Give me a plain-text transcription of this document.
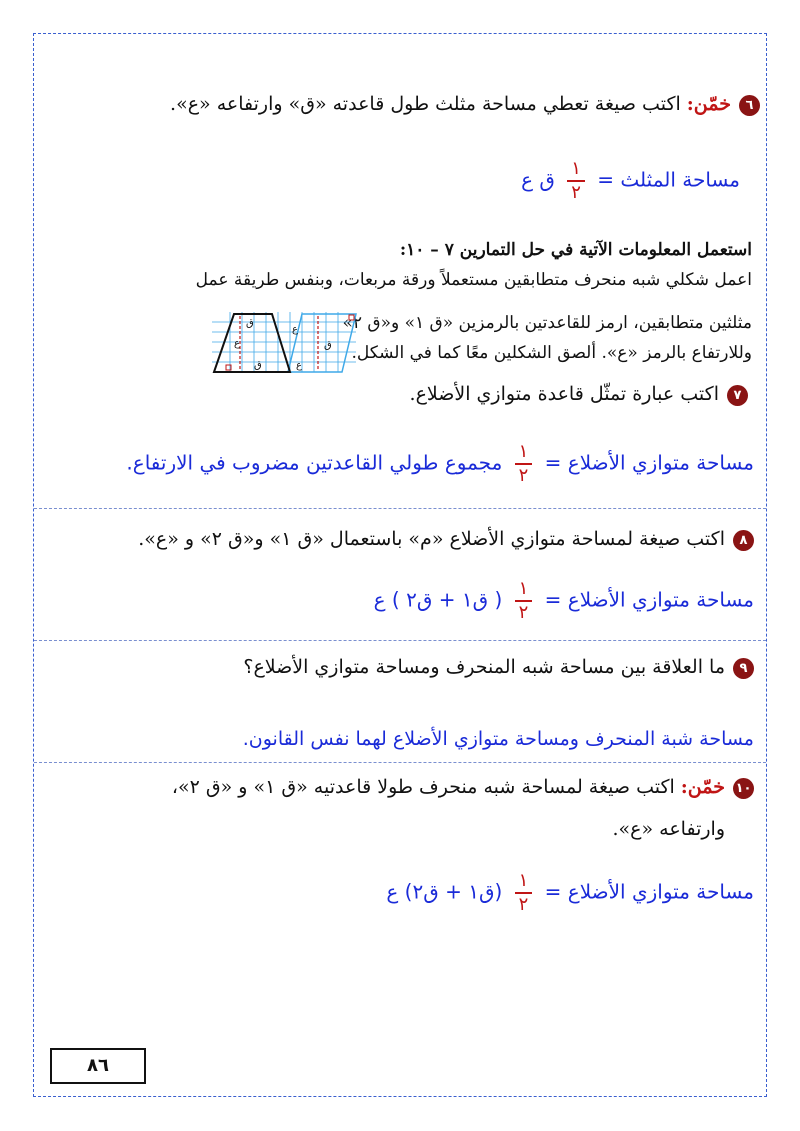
٦خمّن:اكتب صيغة تعطي مساحة مثلث طول قاعدته «ق» وارتفاعه «ع».
مساحة المثلث =
$\frac{١}{٢}$
ق ع
استعمل المعلومات الآتية في حل التمارين ٧ – ١٠:
اعمل شكلي شبه منحرف متطابقين مستعملاً ورقة مربعات، وبنفس طريقة عمل
مثلثين متطابقين، ارمز للقاعدتين بالرمزين «ق ١» و«ق ٢»
وللارتفاع بالرمز «ع». ألصق الشكلين معًا كما في الشكل.
ق
ع
ق
ع
ق
ع
٧اكتب عبارة تمثّل قاعدة متوازي الأضلاع.
مساحة متوازي الأضلاع =
$\frac{١}{٢}$
مجموع طولي القاعدتين مضروب في الارتفاع.
٨اكتب صيغة لمساحة متوازي الأضلاع «م» باستعمال «ق ١» و«ق ٢» و «ع».
مساحة متوازي الأضلاع =
$\frac{١}{٢}$
( ق١ + ق٢ ) ع
٩ما العلاقة بين مساحة شبه المنحرف ومساحة متوازي الأضلاع؟
مساحة شبة المنحرف ومساحة متوازي الأضلاع لهما نفس القانون.
١٠خمّن:اكتب صيغة لمساحة شبه منحرف طولا قاعدتيه «ق ١» و «ق ٢»،
وارتفاعه «ع».
مساحة متوازي الأضلاع =
$\frac{١}{٢}$
(ق١ + ق٢) ع
٨٦
